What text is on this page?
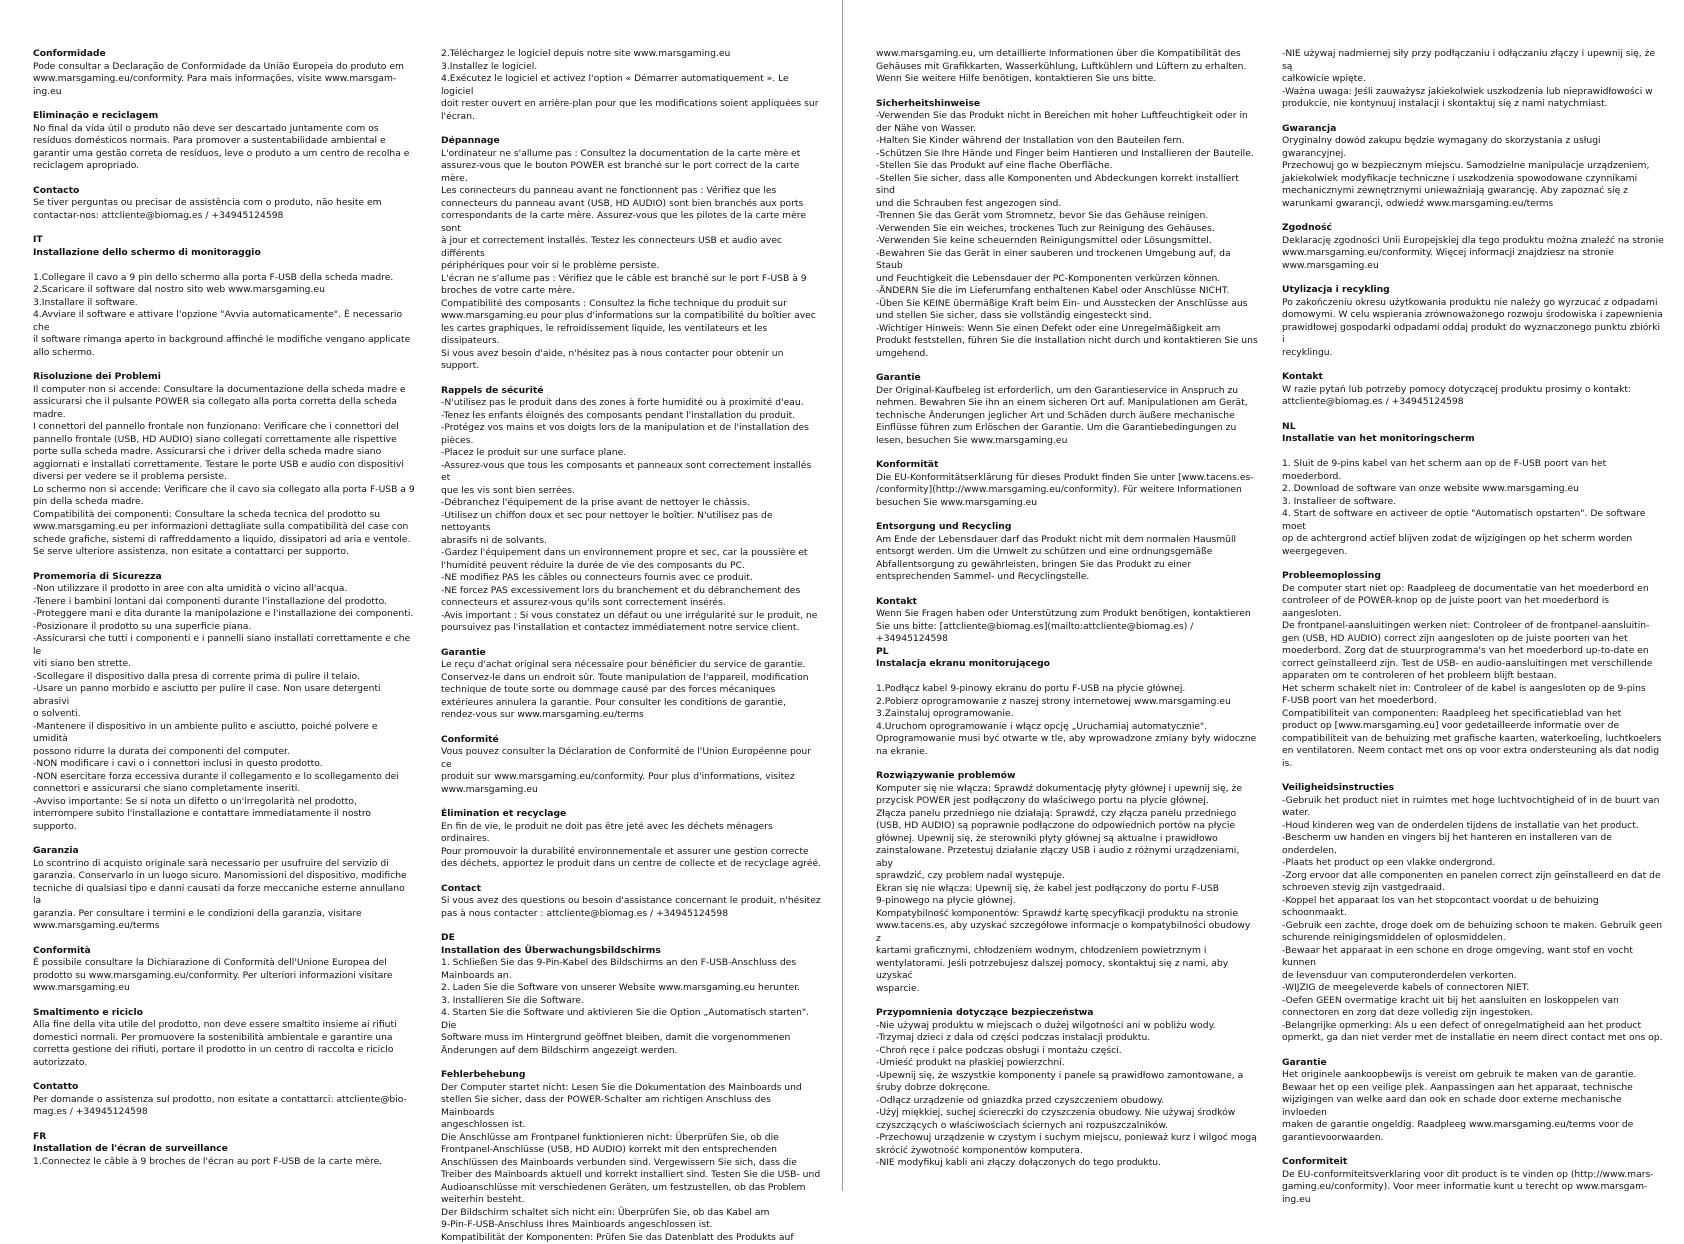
Conformidade

Pode consultar a Declaração de Conformidade da União Europeia do produto em
www.marsgaming.eu/conformity. Para mais informações, visite www.marsgam-
ing.eu

Eliminação e reciclagem

No final da vida útil o produto não deve ser descartado juntamente com os
resíduos domésticos normais. Para promover a sustentabilidade ambiental e
garantir uma gestão correta de resíduos, leve o produto a um centro de recolha e
reciclagem apropriado.

Contacto

Se tiver perguntas ou precisar de assistência com o produto, não hesite em
contactar-nos: attcliente@biomag.es / +34945124598

IT
Installazione dello schermo di monitoraggio

1.Collegare il cavo a 9 pin dello schermo alla porta F-USB della scheda madre.
2.Scaricare il software dal nostro sito web www.marsgaming.eu
3.Installare il software.
4.Avviare il software e attivare l'opzione "Avvia automaticamente". È necessario che
il software rimanga aperto in background affinché le modifiche vengano applicate
allo schermo.

Risoluzione dei Problemi

Il computer non si accende: Consultare la documentazione della scheda madre e
assicurarsi che il pulsante POWER sia collegato alla porta corretta della scheda
madre.
I connettori del pannello frontale non funzionano: Verificare che i connettori del
pannello frontale (USB, HD AUDIO) siano collegati correttamente alle rispettive
porte sulla scheda madre. Assicurarsi che i driver della scheda madre siano
aggiornati e installati correttamente. Testare le porte USB e audio con dispositivi
diversi per vedere se il problema persiste.
Lo schermo non si accende: Verificare che il cavo sia collegato alla porta F-USB a 9
pin della scheda madre.
Compatibilità dei componenti: Consultare la scheda tecnica del prodotto su
www.marsgaming.eu per informazioni dettagliate sulla compatibilità del case con
schede grafiche, sistemi di raffreddamento a liquido, dissipatori ad aria e ventole.
Se serve ulteriore assistenza, non esitate a contattarci per supporto.

Promemoria di Sicurezza

-Non utilizzare il prodotto in aree con alta umidità o vicino all'acqua.
-Tenere i bambini lontani dai componenti durante l'installazione del prodotto.
-Proteggere mani e dita durante la manipolazione e l'installazione dei componenti.
-Posizionare il prodotto su una superficie piana.
-Assicurarsi che tutti i componenti e i pannelli siano installati correttamente e che le
viti siano ben strette.
-Scollegare il dispositivo dalla presa di corrente prima di pulire il telaio.
-Usare un panno morbido e asciutto per pulire il case. Non usare detergenti abrasivi
o solventi.
-Mantenere il dispositivo in un ambiente pulito e asciutto, poiché polvere e umidità
possono ridurre la durata dei componenti del computer.
-NON modificare i cavi o i connettori inclusi in questo prodotto.
-NON esercitare forza eccessiva durante il collegamento e lo scollegamento dei
connettori e assicurarsi che siano completamente inseriti.
-Avviso importante: Se si nota un difetto o un'irregolarità nel prodotto,
interrompere subito l'installazione e contattare immediatamente il nostro supporto.

Garanzia

Lo scontrino di acquisto originale sarà necessario per usufruire del servizio di
garanzia. Conservarlo in un luogo sicuro. Manomissioni del dispositivo, modifiche
tecniche di qualsiasi tipo e danni causati da forze meccaniche esterne annullano la
garanzia. Per consultare i termini e le condizioni della garanzia, visitare
www.marsgaming.eu/terms

Conformità

È possibile consultare la Dichiarazione di Conformità dell'Unione Europea del
prodotto su www.marsgaming.eu/conformity. Per ulteriori informazioni visitare
www.marsgaming.eu

Smaltimento e riciclo

Alla fine della vita utile del prodotto, non deve essere smaltito insieme ai rifiuti
domestici normali. Per promuovere la sostenibilità ambientale e garantire una
corretta gestione dei rifiuti, portare il prodotto in un centro di raccolta e riciclo
autorizzato.

Contatto

Per domande o assistenza sul prodotto, non esitate a contattarci: attcliente@bio-
mag.es / +34945124598

FR
Installation de l'écran de surveillance

1.Connectez le câble à 9 broches de l'écran au port F-USB de la carte mère.

2.Téléchargez le logiciel depuis notre site www.marsgaming.eu
3.Installez le logiciel.
4.Exécutez le logiciel et activez l'option « Démarrer automatiquement ». Le logiciel
doit rester ouvert en arrière-plan pour que les modifications soient appliquées sur
l'écran.

Dépannage

L'ordinateur ne s'allume pas : Consultez la documentation de la carte mère et
assurez-vous que le bouton POWER est branché sur le port correct de la carte mère.
Les connecteurs du panneau avant ne fonctionnent pas : Vérifiez que les
connecteurs du panneau avant (USB, HD AUDIO) sont bien branchés aux ports
correspondants de la carte mère. Assurez-vous que les pilotes de la carte mère sont
à jour et correctement installés. Testez les connecteurs USB et audio avec différents
périphériques pour voir si le problème persiste.
L'écran ne s'allume pas : Vérifiez que le câble est branché sur le port F-USB à 9
broches de votre carte mère.
Compatibilité des composants : Consultez la fiche technique du produit sur
www.marsgaming.eu pour plus d'informations sur la compatibilité du boîtier avec
les cartes graphiques, le refroidissement liquide, les ventilateurs et les dissipateurs.
Si vous avez besoin d'aide, n'hésitez pas à nous contacter pour obtenir un support.

Rappels de sécurité

-N'utilisez pas le produit dans des zones à forte humidité ou à proximité d'eau.
-Tenez les enfants éloignés des composants pendant l'installation du produit.
-Protégez vos mains et vos doigts lors de la manipulation et de l'installation des
pièces.
-Placez le produit sur une surface plane.
-Assurez-vous que tous les composants et panneaux sont correctement installés et
que les vis sont bien serrées.
-Débranchez l'équipement de la prise avant de nettoyer le châssis.
-Utilisez un chiffon doux et sec pour nettoyer le boîtier. N'utilisez pas de nettoyants
abrasifs ni de solvants.
-Gardez l'équipement dans un environnement propre et sec, car la poussière et
l'humidité peuvent réduire la durée de vie des composants du PC.
-NE modifiez PAS les câbles ou connecteurs fournis avec ce produit.
-NE forcez PAS excessivement lors du branchement et du débranchement des
connecteurs et assurez-vous qu'ils sont correctement insérés.
-Avis important : Si vous constatez un défaut ou une irrégularité sur le produit, ne
poursuivez pas l'installation et contactez immédiatement notre service client.

Garantie

Le reçu d'achat original sera nécessaire pour bénéficier du service de garantie.
Conservez-le dans un endroit sûr. Toute manipulation de l'appareil, modification
technique de toute sorte ou dommage causé par des forces mécaniques
extérieures annulera la garantie. Pour consulter les conditions de garantie,
rendez-vous sur www.marsgaming.eu/terms

Conformité

Vous pouvez consulter la Déclaration de Conformité de l'Union Européenne pour ce
produit sur www.marsgaming.eu/conformity. Pour plus d'informations, visitez
www.marsgaming.eu

Élimination et recyclage

En fin de vie, le produit ne doit pas être jeté avec les déchets ménagers ordinaires.
Pour promouvoir la durabilité environnementale et assurer une gestion correcte
des déchets, apportez le produit dans un centre de collecte et de recyclage agréé.

Contact

Si vous avez des questions ou besoin d'assistance concernant le produit, n'hésitez
pas à nous contacter : attcliente@biomag.es / +34945124598

DE
Installation des Überwachungsbildschirms

1. Schließen Sie das 9-Pin-Kabel des Bildschirms an den F-USB-Anschluss des
Mainboards an.
2. Laden Sie die Software von unserer Website www.marsgaming.eu herunter.
3. Installieren Sie die Software.
4. Starten Sie die Software und aktivieren Sie die Option „Automatisch starten". Die
Software muss im Hintergrund geöffnet bleiben, damit die vorgenommenen
Änderungen auf dem Bildschirm angezeigt werden.

Fehlerbehebung

Der Computer startet nicht: Lesen Sie die Dokumentation des Mainboards und
stellen Sie sicher, dass der POWER-Schalter am richtigen Anschluss des Mainboards
angeschlossen ist.
Die Anschlüsse am Frontpanel funktionieren nicht: Überprüfen Sie, ob die
Frontpanel-Anschlüsse (USB, HD AUDIO) korrekt mit den entsprechenden
Anschlüssen des Mainboards verbunden sind. Vergewissern Sie sich, dass die
Treiber des Mainboards aktuell und korrekt installiert sind. Testen Sie die USB- und
Audioanschlüsse mit verschiedenen Geräten, um festzustellen, ob das Problem
weiterhin besteht.
Der Bildschirm schaltet sich nicht ein: Überprüfen Sie, ob das Kabel am
9-Pin-F-USB-Anschluss Ihres Mainboards angeschlossen ist.
Kompatibilität der Komponenten: Prüfen Sie das Datenblatt des Produkts auf

www.marsgaming.eu, um detaillierte Informationen über die Kompatibilität des
Gehäuses mit Grafikkarten, Wasserkühlung, Luftkühlern und Lüftern zu erhalten.
Wenn Sie weitere Hilfe benötigen, kontaktieren Sie uns bitte.

Sicherheitshinweise

-Verwenden Sie das Produkt nicht in Bereichen mit hoher Luftfeuchtigkeit oder in
der Nähe von Wasser.
-Halten Sie Kinder während der Installation von den Bauteilen fern.
-Schützen Sie Ihre Hände und Finger beim Hantieren und Installieren der Bauteile.
-Stellen Sie das Produkt auf eine flache Oberfläche.
-Stellen Sie sicher, dass alle Komponenten und Abdeckungen korrekt installiert sind
und die Schrauben fest angezogen sind.
-Trennen Sie das Gerät vom Stromnetz, bevor Sie das Gehäuse reinigen.
-Verwenden Sie ein weiches, trockenes Tuch zur Reinigung des Gehäuses.
-Verwenden Sie keine scheuernden Reinigungsmittel oder Lösungsmittel.
-Bewahren Sie das Gerät in einer sauberen und trockenen Umgebung auf, da Staub
und Feuchtigkeit die Lebensdauer der PC-Komponenten verkürzen können.
-ÄNDERN Sie die im Lieferumfang enthaltenen Kabel oder Anschlüsse NICHT.
-Üben Sie KEINE übermäßige Kraft beim Ein- und Ausstecken der Anschlüsse aus
und stellen Sie sicher, dass sie vollständig eingesteckt sind.
-Wichtiger Hinweis: Wenn Sie einen Defekt oder eine Unregelmäßigkeit am
Produkt feststellen, führen Sie die Installation nicht durch und kontaktieren Sie uns
umgehend.

Garantie

Der Original-Kaufbeleg ist erforderlich, um den Garantieservice in Anspruch zu
nehmen. Bewahren Sie ihn an einem sicheren Ort auf. Manipulationen am Gerät,
technische Änderungen jeglicher Art und Schäden durch äußere mechanische
Einflüsse führen zum Erlöschen der Garantie. Um die Garantiebedingungen zu
lesen, besuchen Sie www.marsgaming.eu

Konformität

Die EU-Konformitätserklärung für dieses Produkt finden Sie unter [www.tacens.es-
/conformity](http://www.marsgaming.eu/conformity). Für weitere Informationen
besuchen Sie www.marsgaming.eu

Entsorgung und Recycling

Am Ende der Lebensdauer darf das Produkt nicht mit dem normalen Hausmüll
entsorgt werden. Um die Umwelt zu schützen und eine ordnungsgemäße
Abfallentsorgung zu gewährleisten, bringen Sie das Produkt zu einer
entsprechenden Sammel- und Recyclingstelle.

Kontakt

Wenn Sie Fragen haben oder Unterstützung zum Produkt benötigen, kontaktieren
Sie uns bitte: [attcliente@biomag.es](mailto:attcliente@biomag.es) / +34945124598

PL
Instalacja ekranu monitorującego

1.Podłącz kabel 9-pinowy ekranu do portu F-USB na płycie głównej.
2.Pobierz oprogramowanie z naszej strony internetowej www.marsgaming.eu
3.Zainstaluj oprogramowanie.
4.Uruchom oprogramowanie i włącz opcję „Uruchamiaj automatycznie".
Oprogramowanie musi być otwarte w tle, aby wprowadzone zmiany były widoczne
na ekranie.

Rozwiązywanie problemów

Komputer się nie włącza: Sprawdź dokumentację płyty głównej i upewnij się, że
przycisk POWER jest podłączony do właściwego portu na płycie głównej.
Złącza panelu przedniego nie działają: Sprawdź, czy złącza panelu przedniego
(USB, HD AUDIO) są poprawnie podłączone do odpowiednich portów na płycie
głównej. Upewnij się, że sterowniki płyty głównej są aktualne i prawidłowo
zainstalowane. Przetestuj działanie złączy USB i audio z różnymi urządzeniami, aby
sprawdzić, czy problem nadal występuje.
Ekran się nie włącza: Upewnij się, że kabel jest podłączony do portu F-USB
9-pinowego na płycie głównej.
Kompatybilność komponentów: Sprawdź kartę specyfikacji produktu na stronie
www.tacens.es, aby uzyskać szczegółowe informacje o kompatybilności obudowy z
kartami graficznymi, chłodzeniem wodnym, chłodzeniem powietrznym i
wentylatorami. Jeśli potrzebujesz dalszej pomocy, skontaktuj się z nami, aby uzyskać
wsparcie.

Przypomnienia dotyczące bezpieczeństwa

-Nie używaj produktu w miejscach o dużej wilgotności ani w pobliżu wody.
-Trzymaj dzieci z dala od części podczas instalacji produktu.
-Chroń ręce i palce podczas obsługi i montażu części.
-Umieść produkt na płaskiej powierzchni.
-Upewnij się, że wszystkie komponenty i panele są prawidłowo zamontowane, a
śruby dobrze dokręcone.
-Odłącz urządzenie od gniazdka przed czyszczeniem obudowy.
-Użyj miękkiej, suchej ściereczki do czyszczenia obudowy. Nie używaj środków
czyszczących o właściwościach ściernych ani rozpuszczalników.
-Przechowuj urządzenie w czystym i suchym miejscu, ponieważ kurz i wilgoć mogą
skrócić żywotność komponentów komputera.
-NIE modyfikuj kabli ani złączy dołączonych do tego produktu.

-NIE używaj nadmiernej siły przy podłączaniu i odłączaniu złączy i upewnij się, że są
całkowicie wpięte.
-Ważna uwaga: Jeśli zauważysz jakiekolwiek uszkodzenia lub nieprawidłowości w
produkcie, nie kontynuuj instalacji i skontaktuj się z nami natychmiast.

Gwarancja

Oryginalny dowód zakupu będzie wymagany do skorzystania z usługi gwarancyjnej.
Przechowuj go w bezpiecznym miejscu. Samodzielne manipulacje urządzeniem,
jakiekolwiek modyfikacje techniczne i uszkodzenia spowodowane czynnikami
mechanicznymi zewnętrznymi unieważniają gwarancję. Aby zapoznać się z
warunkami gwarancji, odwiedź www.marsgaming.eu/terms

Zgodność

Deklarację zgodności Unii Europejskiej dla tego produktu można znaleźć na stronie
www.marsgaming.eu/conformity. Więcej informacji znajdziesz na stronie
www.marsgaming.eu

Utylizacja i recykling

Po zakończeniu okresu użytkowania produktu nie należy go wyrzucać z odpadami
domowymi. W celu wspierania zrównoważonego rozwoju środowiska i zapewnienia
prawidłowej gospodarki odpadami oddaj produkt do wyznaczonego punktu zbiórki i
recyklingu.

Kontakt

W razie pytań lub potrzeby pomocy dotyczącej produktu prosimy o kontakt:
attcliente@biomag.es / +34945124598

NL
Installatie van het monitoringscherm

1. Sluit de 9-pins kabel van het scherm aan op de F-USB poort van het moederbord.
2. Download de software van onze website www.marsgaming.eu
3. Installeer de software.
4. Start de software en activeer de optie "Automatisch opstarten". De software moet
op de achtergrond actief blijven zodat de wijzigingen op het scherm worden
weergegeven.

Probleemoplossing

De computer start niet op: Raadpleeg de documentatie van het moederbord en
controleer of de POWER-knop op de juiste poort van het moederbord is
aangesloten.
De frontpanel-aansluitingen werken niet: Controleer of de frontpanel-aansluitin-
gen (USB, HD AUDIO) correct zijn aangesloten op de juiste poorten van het
moederbord. Zorg dat de stuurprogramma's van het moederbord up-to-date en
correct geïnstalleerd zijn. Test de USB- en audio-aansluitingen met verschillende
apparaten om te controleren of het probleem blijft bestaan.
Het scherm schakelt niet in: Controleer of de kabel is aangesloten op de 9-pins
F-USB poort van het moederbord.
Compatibiliteit van componenten: Raadpleeg het specificatieblad van het
product op [www.marsgaming.eu] voor gedetailleerde informatie over de
compatibiliteit van de behuizing met grafische kaarten, waterkoeling, luchtkoelers
en ventilatoren. Neem contact met ons op voor extra ondersteuning als dat nodig
is.

Veiligheidsinstructies

-Gebruik het product niet in ruimtes met hoge luchtvochtigheid of in de buurt van
water.
-Houd kinderen weg van de onderdelen tijdens de installatie van het product.
-Bescherm uw handen en vingers bij het hanteren en installeren van de onderdelen.
-Plaats het product op een vlakke ondergrond.
-Zorg ervoor dat alle componenten en panelen correct zijn geïnstalleerd en dat de
schroeven stevig zijn vastgedraaid.
-Koppel het apparaat los van het stopcontact voordat u de behuizing schoonmaakt.
-Gebruik een zachte, droge doek om de behuizing schoon te maken. Gebruik geen
schurende reinigingsmiddelen of oplosmiddelen.
-Bewaar het apparaat in een schone en droge omgeving, want stof en vocht kunnen
de levensduur van computeronderdelen verkorten.
-WIJZIG de meegeleverde kabels of connectoren NIET.
-Oefen GEEN overmatige kracht uit bij het aansluiten en loskoppelen van
connectoren en zorg dat deze volledig zijn ingestoken.
-Belangrijke opmerking: Als u een defect of onregelmatigheid aan het product
opmerkt, ga dan niet verder met de installatie en neem direct contact met ons op.

Garantie

Het originele aankoopbewijs is vereist om gebruik te maken van de garantie.
Bewaar het op een veilige plek. Aanpassingen aan het apparaat, technische
wijzigingen van welke aard dan ook en schade door externe mechanische invloeden
maken de garantie ongeldig. Raadpleeg www.marsgaming.eu/terms voor de
garantievoorwaarden.

Conformiteit

De EU-conformiteitsverklaring voor dit product is te vinden op (http://www.mars-
gaming.eu/conformity). Voor meer informatie kunt u terecht op www.marsgam-
ing.eu
